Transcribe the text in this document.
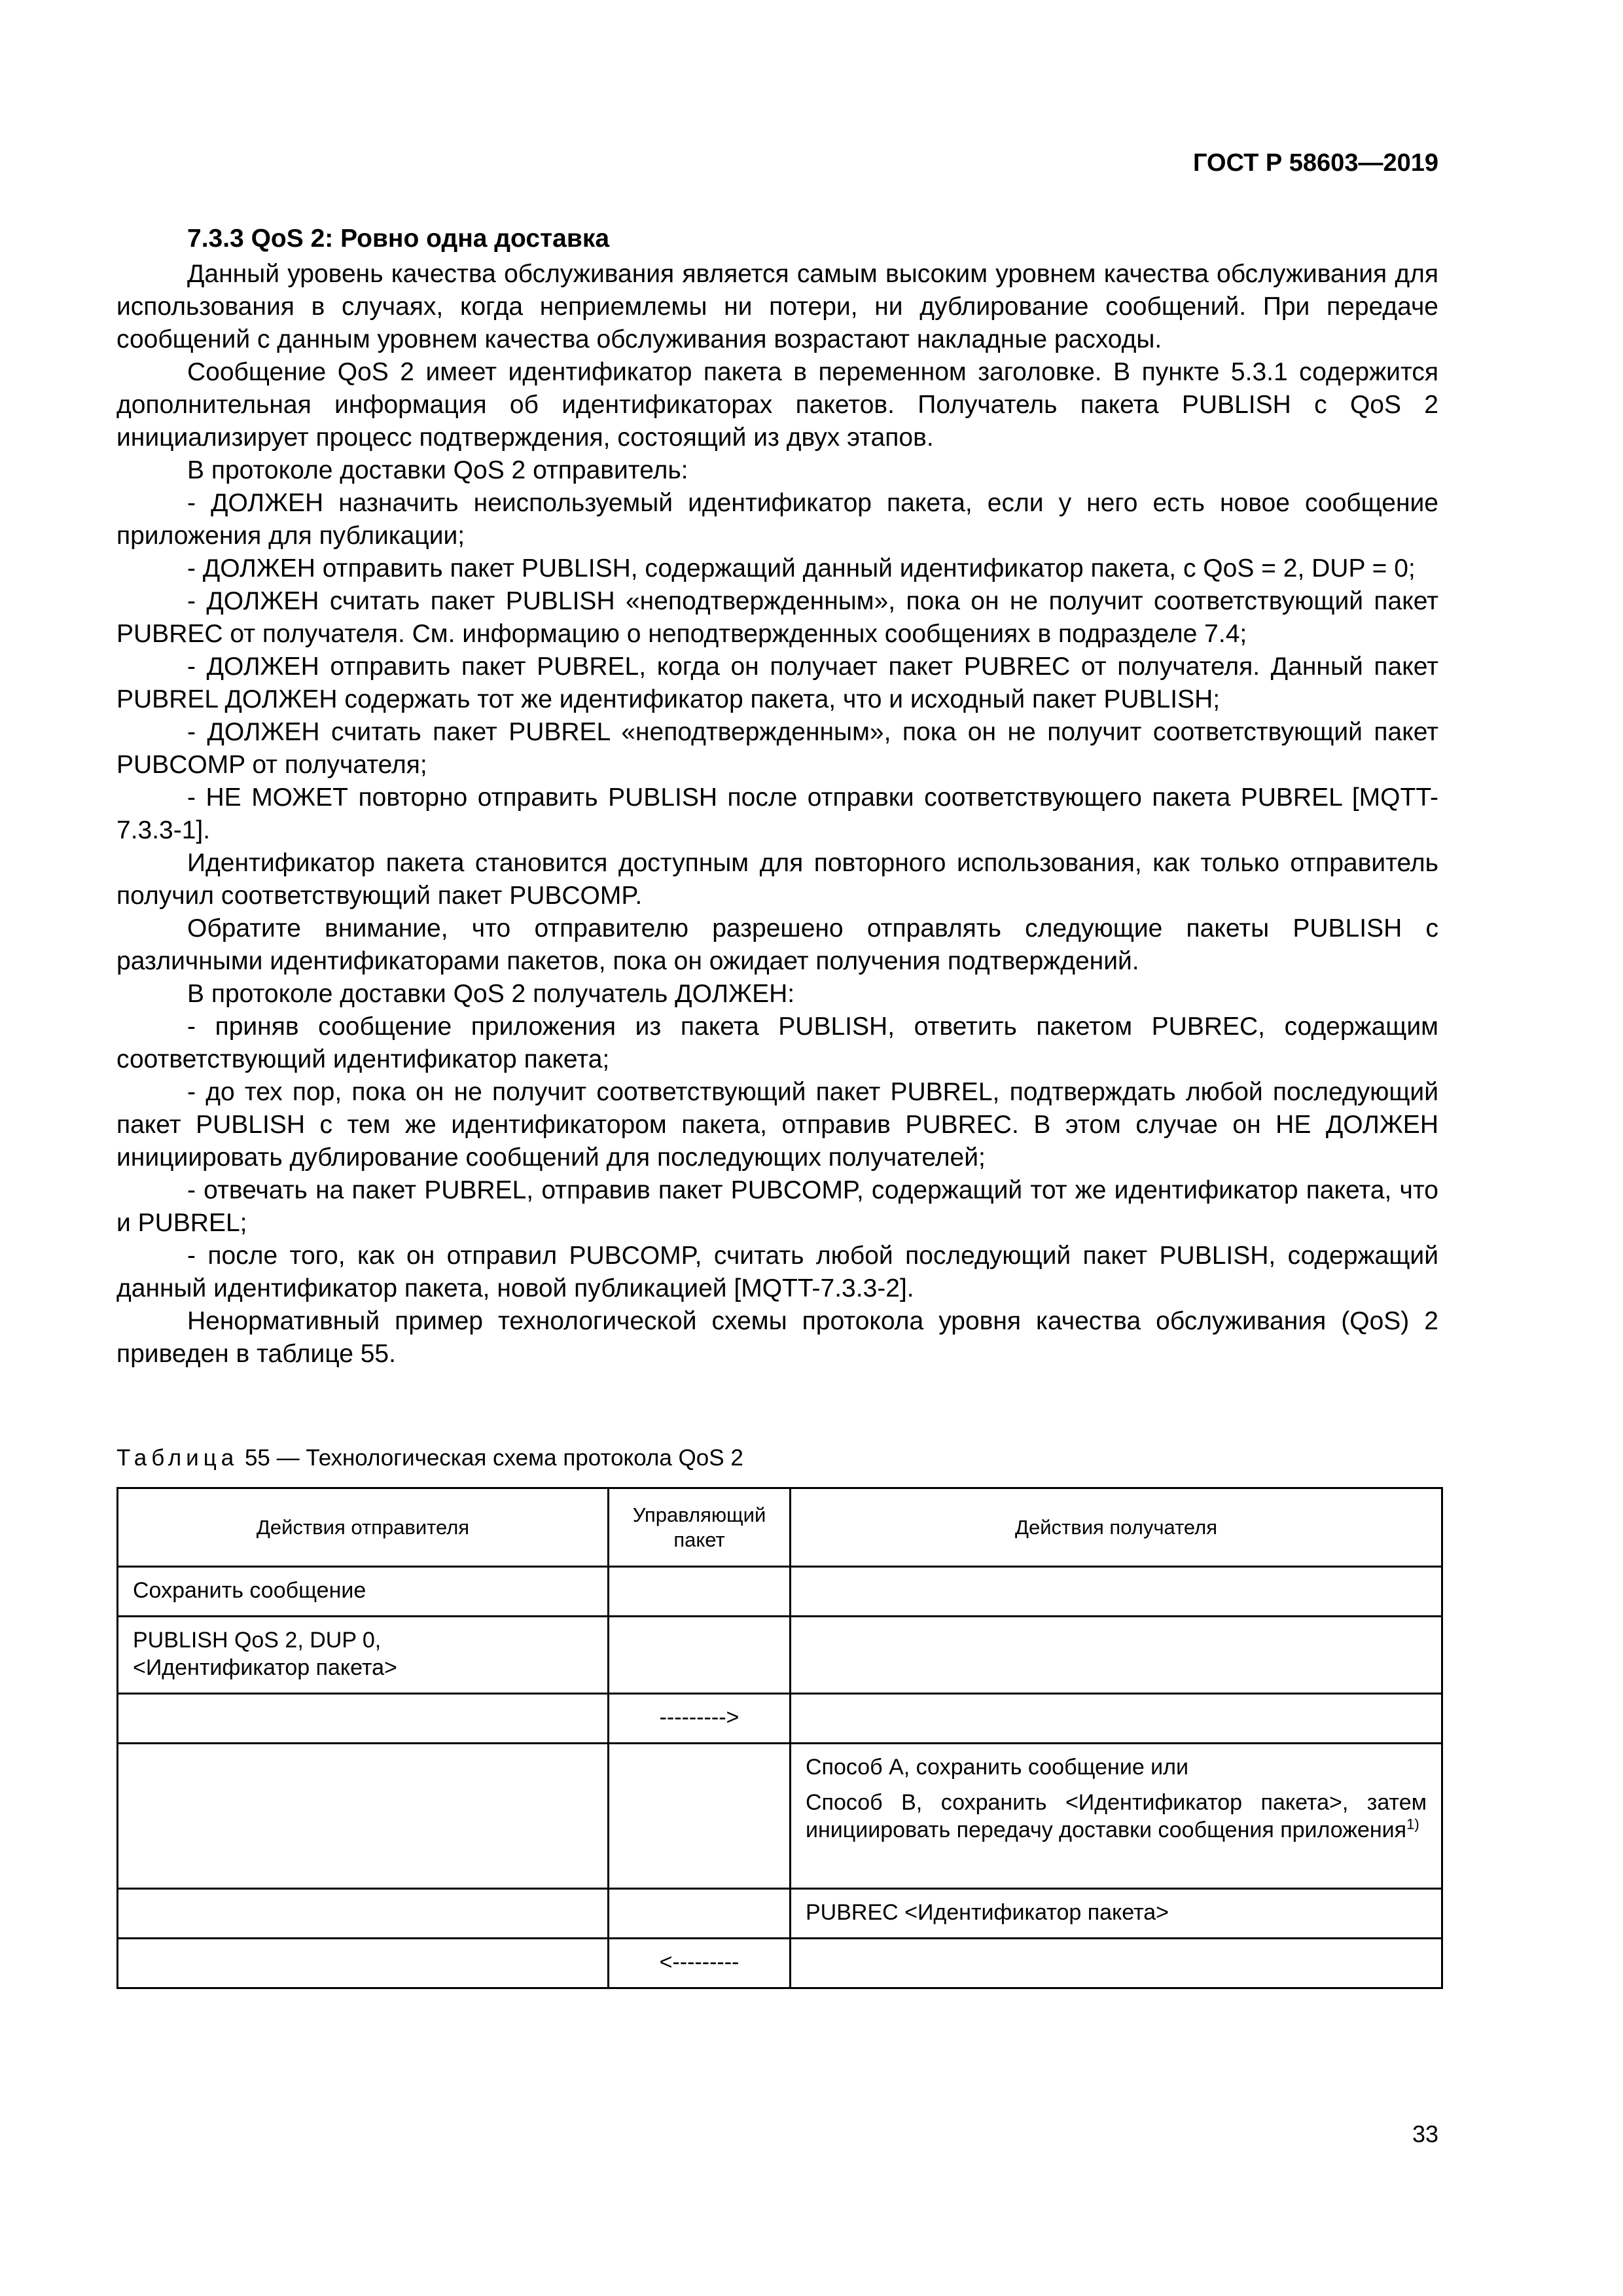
ГОСТ Р 58603—2019

7.3.3 QoS 2: Ровно одна доставка

Данный уровень качества обслуживания является самым высоким уровнем качества обслуживания для использования в случаях, когда неприемлемы ни потери, ни дублирование сообщений. При передаче сообщений с данным уровнем качества обслуживания возрастают накладные расходы.

Сообщение QoS 2 имеет идентификатор пакета в переменном заголовке. В пункте 5.3.1 содержится дополнительная информация об идентификаторах пакетов. Получатель пакета PUBLISH с QoS 2 инициализирует процесс подтверждения, состоящий из двух этапов.

В протоколе доставки QoS 2 отправитель:

- ДОЛЖЕН назначить неиспользуемый идентификатор пакета, если у него есть новое сообщение приложения для публикации;

- ДОЛЖЕН отправить пакет PUBLISH, содержащий данный идентификатор пакета, с QoS = 2, DUP = 0;

- ДОЛЖЕН считать пакет PUBLISH «неподтвержденным», пока он не получит соответствующий пакет PUBREC от получателя. См. информацию о неподтвержденных сообщениях в подразделе 7.4;

- ДОЛЖЕН отправить пакет PUBREL, когда он получает пакет PUBREC от получателя. Данный пакет PUBREL ДОЛЖЕН содержать тот же идентификатор пакета, что и исходный пакет PUBLISH;

- ДОЛЖЕН считать пакет PUBREL «неподтвержденным», пока он не получит соответствующий пакет PUBCOMP от получателя;

- НЕ МОЖЕТ повторно отправить PUBLISH после отправки соответствующего пакета PUBREL [MQTT-7.3.3-1].

Идентификатор пакета становится доступным для повторного использования, как только отправитель получил соответствующий пакет PUBCOMP.

Обратите внимание, что отправителю разрешено отправлять следующие пакеты PUBLISH с различными идентификаторами пакетов, пока он ожидает получения подтверждений.

В протоколе доставки QoS 2 получатель ДОЛЖЕН:

- приняв сообщение приложения из пакета PUBLISH, ответить пакетом PUBREC, содержащим соответствующий идентификатор пакета;

- до тех пор, пока он не получит соответствующий пакет PUBREL, подтверждать любой последующий пакет PUBLISH с тем же идентификатором пакета, отправив PUBREC. В этом случае он НЕ ДОЛЖЕН инициировать дублирование сообщений для последующих получателей;

- отвечать на пакет PUBREL, отправив пакет PUBCOMP, содержащий тот же идентификатор пакета, что и PUBREL;

- после того, как он отправил PUBCOMP, считать любой последующий пакет PUBLISH, содержащий данный идентификатор пакета, новой публикацией [MQTT-7.3.3-2].

Ненормативный пример технологической схемы протокола уровня качества обслуживания (QoS) 2 приведен в таблице 55.

Таблица 55 — Технологическая схема протокола QoS 2
Действия отправителя	Управляющий пакет	Действия получателя
Сохранить сообщение		
PUBLISH QoS 2, DUP 0,
<Идентификатор пакета>		
	--------->	

		Способ А, сохранить сообщение или
Способ В, сохранить <Идентификатор пакета>, затем инициировать передачу доставки сообщения приложения$^{1)}$

		PUBREC <Идентификатор пакета>
	<---------	
33
